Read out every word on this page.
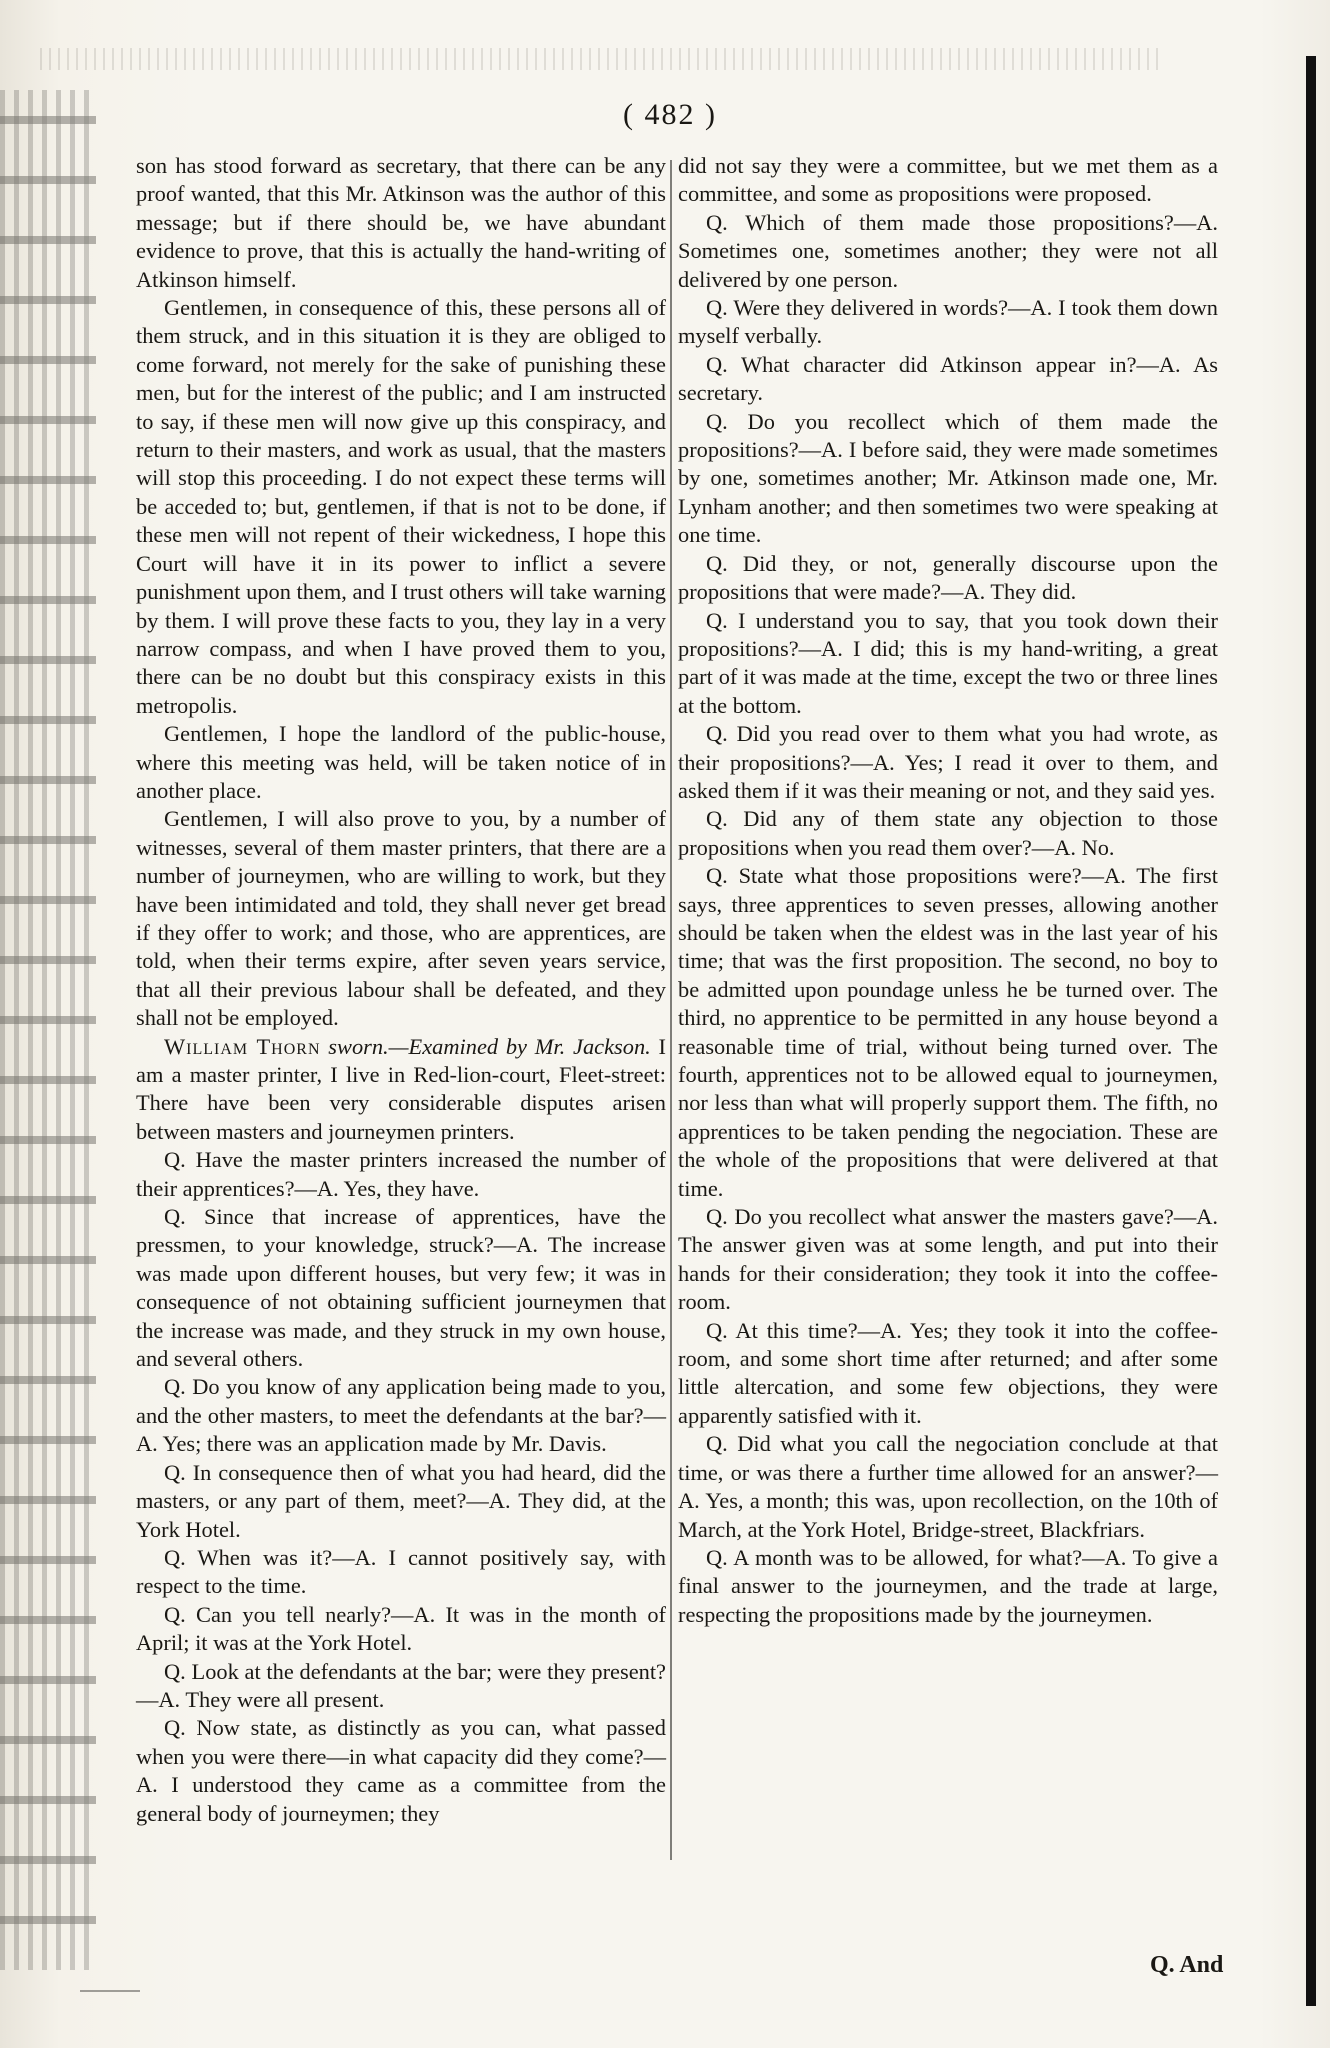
( 482 )

son has stood forward as secretary, that there can be any proof wanted, that this Mr. Atkinson was the author of this message; but if there should be, we have abundant evidence to prove, that this is actually the hand-writing of Atkinson himself.

Gentlemen, in consequence of this, these persons all of them struck, and in this situation it is they are obliged to come forward, not merely for the sake of punishing these men, but for the interest of the public; and I am instructed to say, if these men will now give up this conspiracy, and return to their masters, and work as usual, that the masters will stop this proceeding. I do not expect these terms will be acceded to; but, gentlemen, if that is not to be done, if these men will not repent of their wickedness, I hope this Court will have it in its power to inflict a severe punishment upon them, and I trust others will take warning by them. I will prove these facts to you, they lay in a very narrow compass, and when I have proved them to you, there can be no doubt but this conspiracy exists in this metropolis.

Gentlemen, I hope the landlord of the public-house, where this meeting was held, will be taken notice of in another place.

Gentlemen, I will also prove to you, by a number of witnesses, several of them master printers, that there are a number of journeymen, who are willing to work, but they have been intimidated and told, they shall never get bread if they offer to work; and those, who are apprentices, are told, when their terms expire, after seven years service, that all their previous labour shall be defeated, and they shall not be employed.

William Thorn sworn.—Examined by Mr. Jackson. I am a master printer, I live in Red-lion-court, Fleet-street: There have been very considerable disputes arisen between masters and journeymen printers.

Q. Have the master printers increased the number of their apprentices?—A. Yes, they have.

Q. Since that increase of apprentices, have the pressmen, to your knowledge, struck?—A. The increase was made upon different houses, but very few; it was in consequence of not obtaining sufficient journeymen that the increase was made, and they struck in my own house, and several others.

Q. Do you know of any application being made to you, and the other masters, to meet the defendants at the bar?—A. Yes; there was an application made by Mr. Davis.

Q. In consequence then of what you had heard, did the masters, or any part of them, meet?—A. They did, at the York Hotel.

Q. When was it?—A. I cannot positively say, with respect to the time.

Q. Can you tell nearly?—A. It was in the month of April; it was at the York Hotel.

Q. Look at the defendants at the bar; were they present?—A. They were all present.

Q. Now state, as distinctly as you can, what passed when you were there—in what capacity did they come?—A. I understood they came as a committee from the general body of journeymen; they

did not say they were a committee, but we met them as a committee, and some as propositions were proposed.

Q. Which of them made those propositions?—A. Sometimes one, sometimes another; they were not all delivered by one person.

Q. Were they delivered in words?—A. I took them down myself verbally.

Q. What character did Atkinson appear in?—A. As secretary.

Q. Do you recollect which of them made the propositions?—A. I before said, they were made sometimes by one, sometimes another; Mr. Atkinson made one, Mr. Lynham another; and then sometimes two were speaking at one time.

Q. Did they, or not, generally discourse upon the propositions that were made?—A. They did.

Q. I understand you to say, that you took down their propositions?—A. I did; this is my hand-writing, a great part of it was made at the time, except the two or three lines at the bottom.

Q. Did you read over to them what you had wrote, as their propositions?—A. Yes; I read it over to them, and asked them if it was their meaning or not, and they said yes.

Q. Did any of them state any objection to those propositions when you read them over?—A. No.

Q. State what those propositions were?—A. The first says, three apprentices to seven presses, allowing another should be taken when the eldest was in the last year of his time; that was the first proposition. The second, no boy to be admitted upon poundage unless he be turned over. The third, no apprentice to be permitted in any house beyond a reasonable time of trial, without being turned over. The fourth, apprentices not to be allowed equal to journeymen, nor less than what will properly support them. The fifth, no apprentices to be taken pending the negociation. These are the whole of the propositions that were delivered at that time.

Q. Do you recollect what answer the masters gave?—A. The answer given was at some length, and put into their hands for their consideration; they took it into the coffee-room.

Q. At this time?—A. Yes; they took it into the coffee-room, and some short time after returned; and after some little altercation, and some few objections, they were apparently satisfied with it.

Q. Did what you call the negociation conclude at that time, or was there a further time allowed for an answer?—A. Yes, a month; this was, upon recollection, on the 10th of March, at the York Hotel, Bridge-street, Blackfriars.

Q. A month was to be allowed, for what?—A. To give a final answer to the journeymen, and the trade at large, respecting the propositions made by the journeymen.

Q. And
